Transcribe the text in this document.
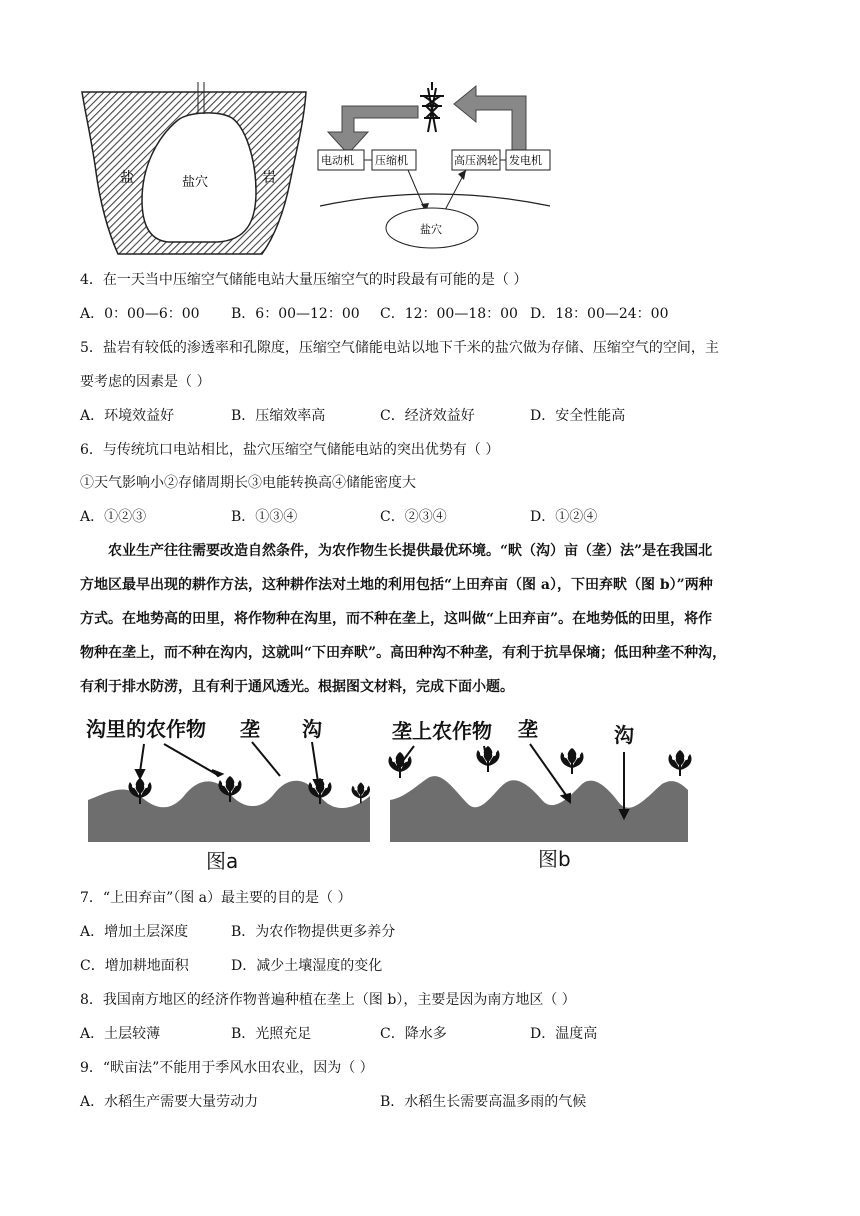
盐	盐穴	岩
电动机 压缩机	高压涡轮 发电机
盐穴
4．在一天当中压缩空气储能电站大量压缩空气的时段最有可能的是（ ）
A．0：00—6：00 B．6：00—12：00 C．12：00—18：00 D．18：00—24：00
5．盐岩有较低的渗透率和孔隙度，压缩空气储能电站以地下千米的盐穴做为存储、压缩空气的空间，主
要考虑的因素是（ ）
A．环境效益好	B．压缩效率高	C．经济效益好	D．安全性能高
6．与传统坑口电站相比，盐穴压缩空气储能电站的突出优势有（ ）
①天气影响小②存储周期长③电能转换高④储能密度大
A．①②③	B．①③④	C．②③④	D．①②④
农业生产往往需要改造自然条件，为农作物生长提供最优环境。“畎（沟）亩（垄）法”是在我国北
方地区最早出现的耕作方法，这种耕作法对土地的利用包括“上田弃亩（图 a），下田弃畎（图 b）”两种
方式。在地势高的田里，将作物种在沟里，而不种在垄上，这叫做“上田弃亩”。在地势低的田里，将作
物种在垄上，而不种在沟内，这就叫“下田弃畎”。高田种沟不种垄，有利于抗旱保墒；低田种垄不种沟，
有利于排水防涝，且有利于通风透光。根据图文材料，完成下面小题。
沟里的农作物 垄 沟
图a
垄上农作物 垄	沟
图b
7．“上田弃亩”（图 a）最主要的目的是（ ）
A．增加土层深度	B．为农作物提供更多养分
C．增加耕地面积	D．减少土壤湿度的变化
8．我国南方地区的经济作物普遍种植在垄上（图 b），主要是因为南方地区（ ）
A．土层较薄	B．光照充足	C．降水多	D．温度高
9．“畎亩法”不能用于季风水田农业，因为（ ）
A．水稻生产需要大量劳动力	B．水稻生长需要高温多雨的气候
